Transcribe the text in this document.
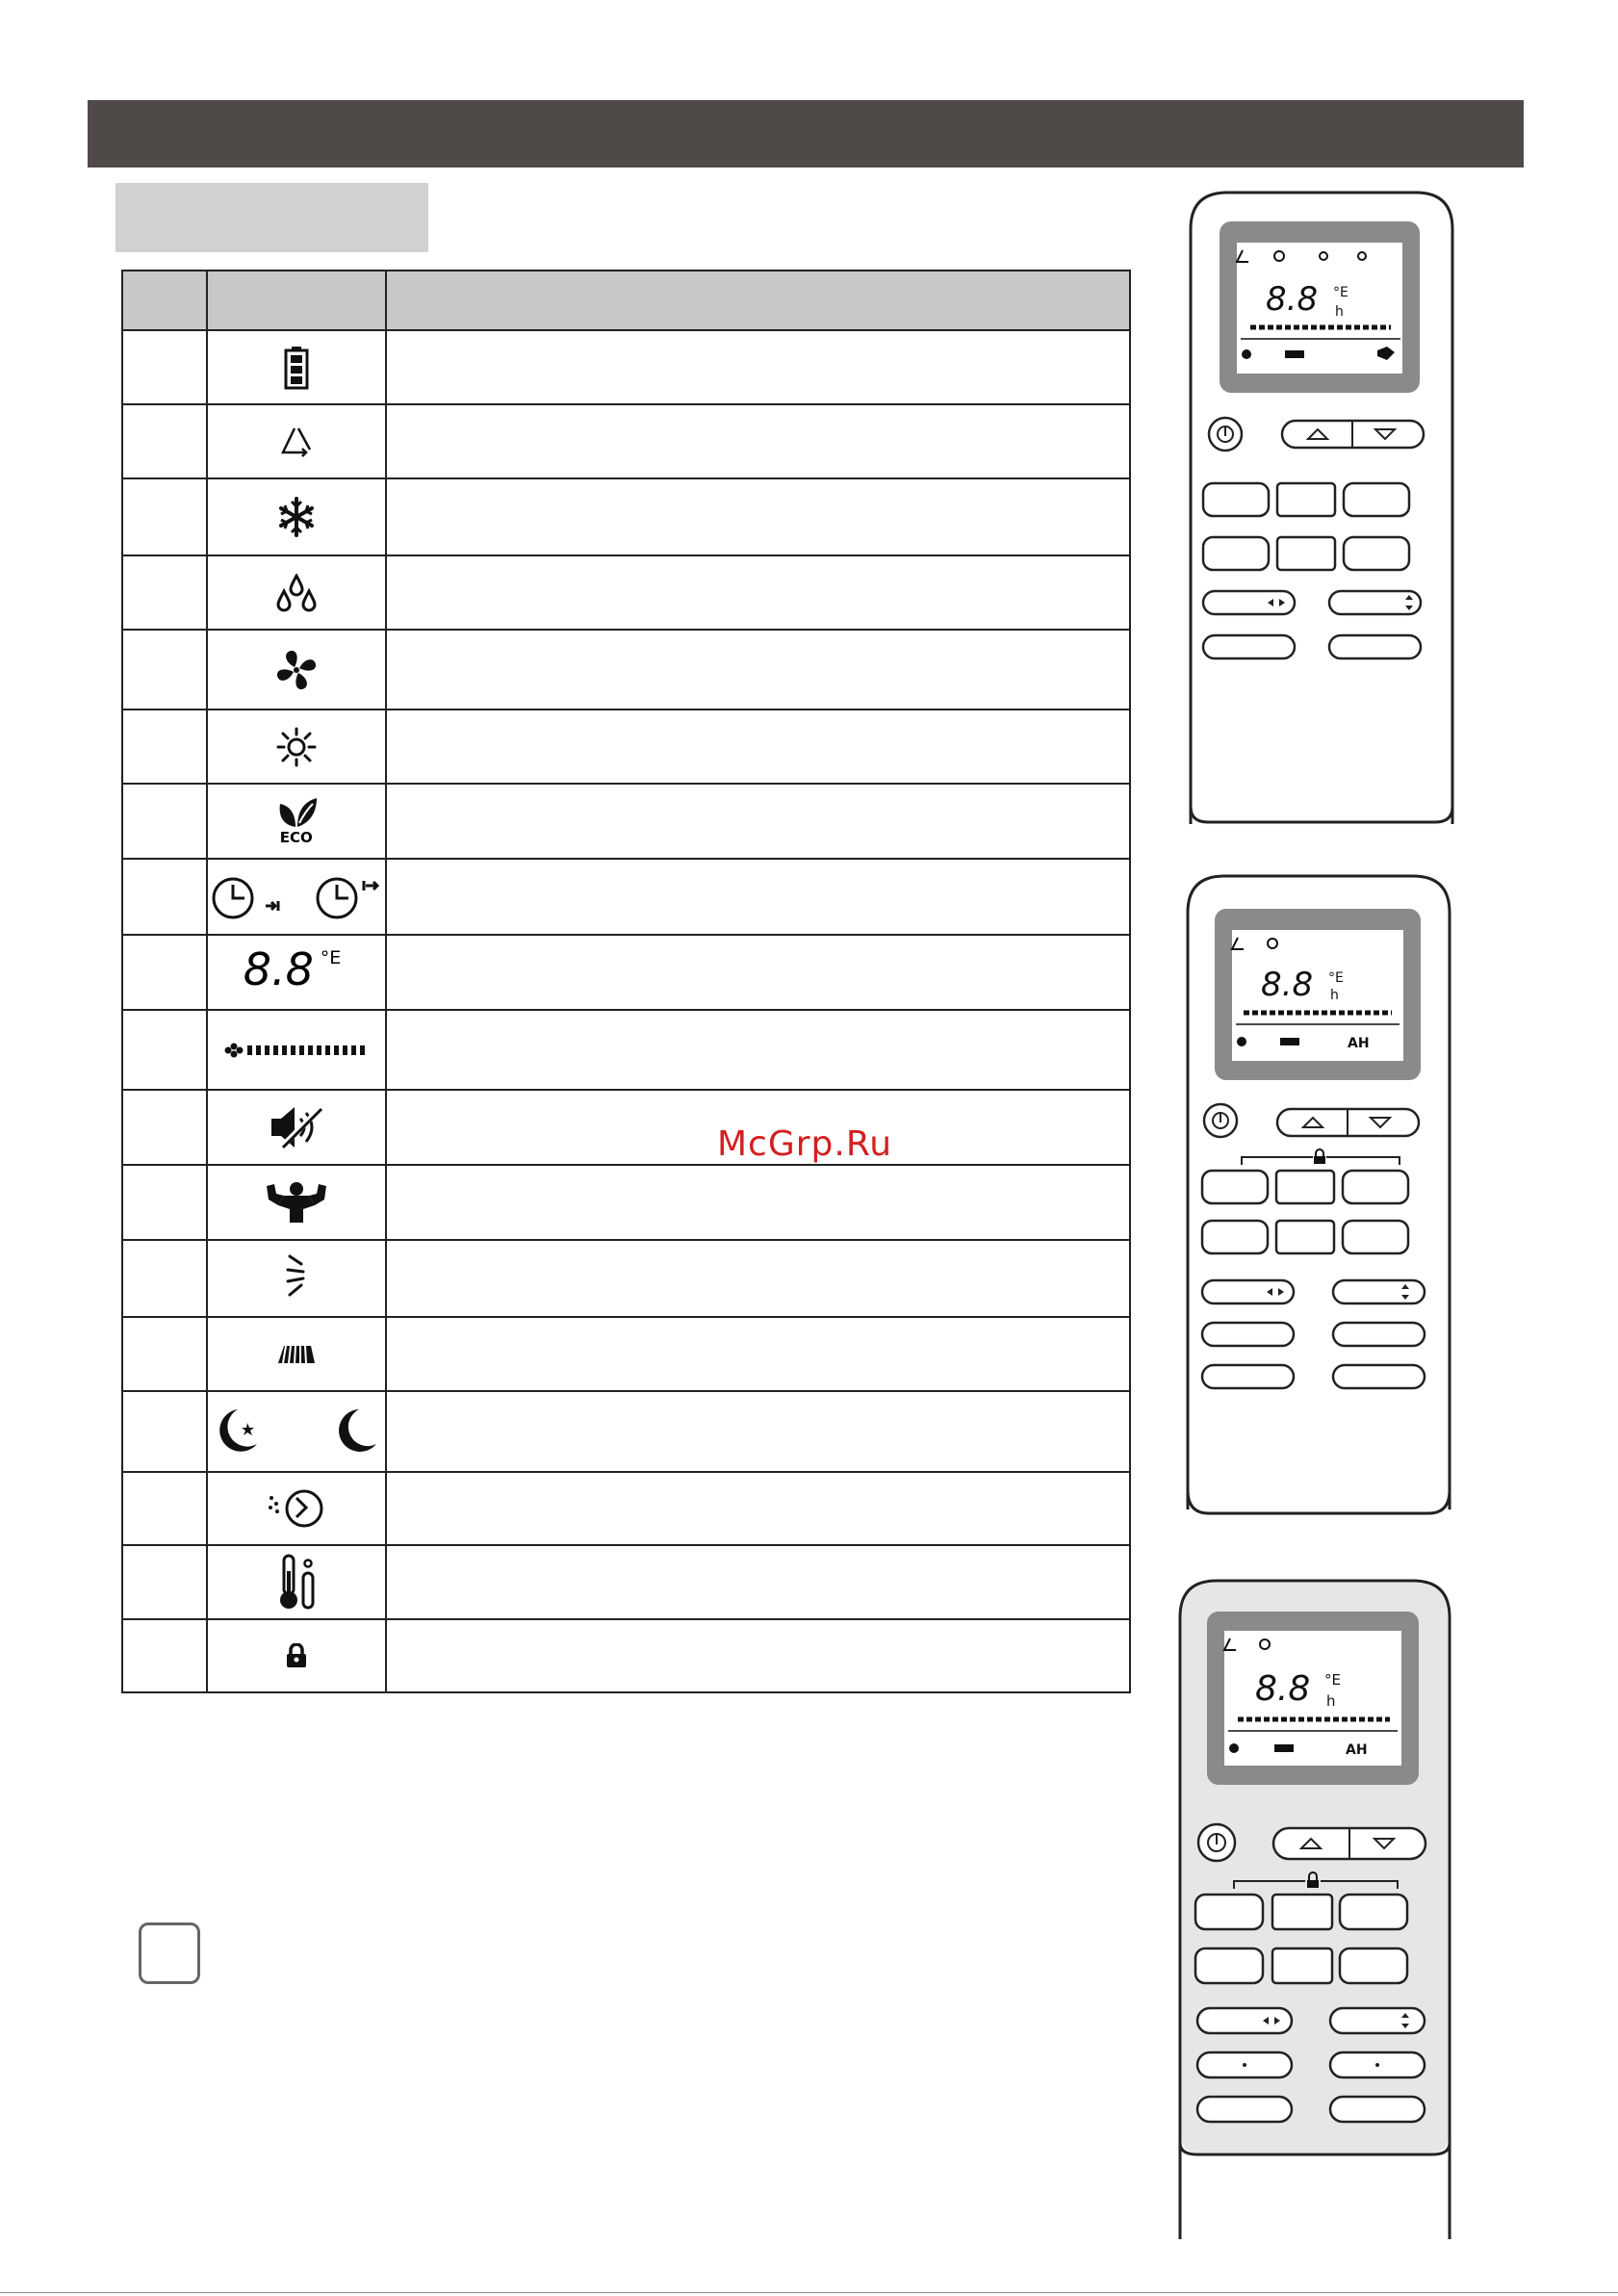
	ECO	

	8.8 °E	

McGrp.Ru
8.8 °E
h
8.8 °E
h
AH
8.8 °E
h
AH
